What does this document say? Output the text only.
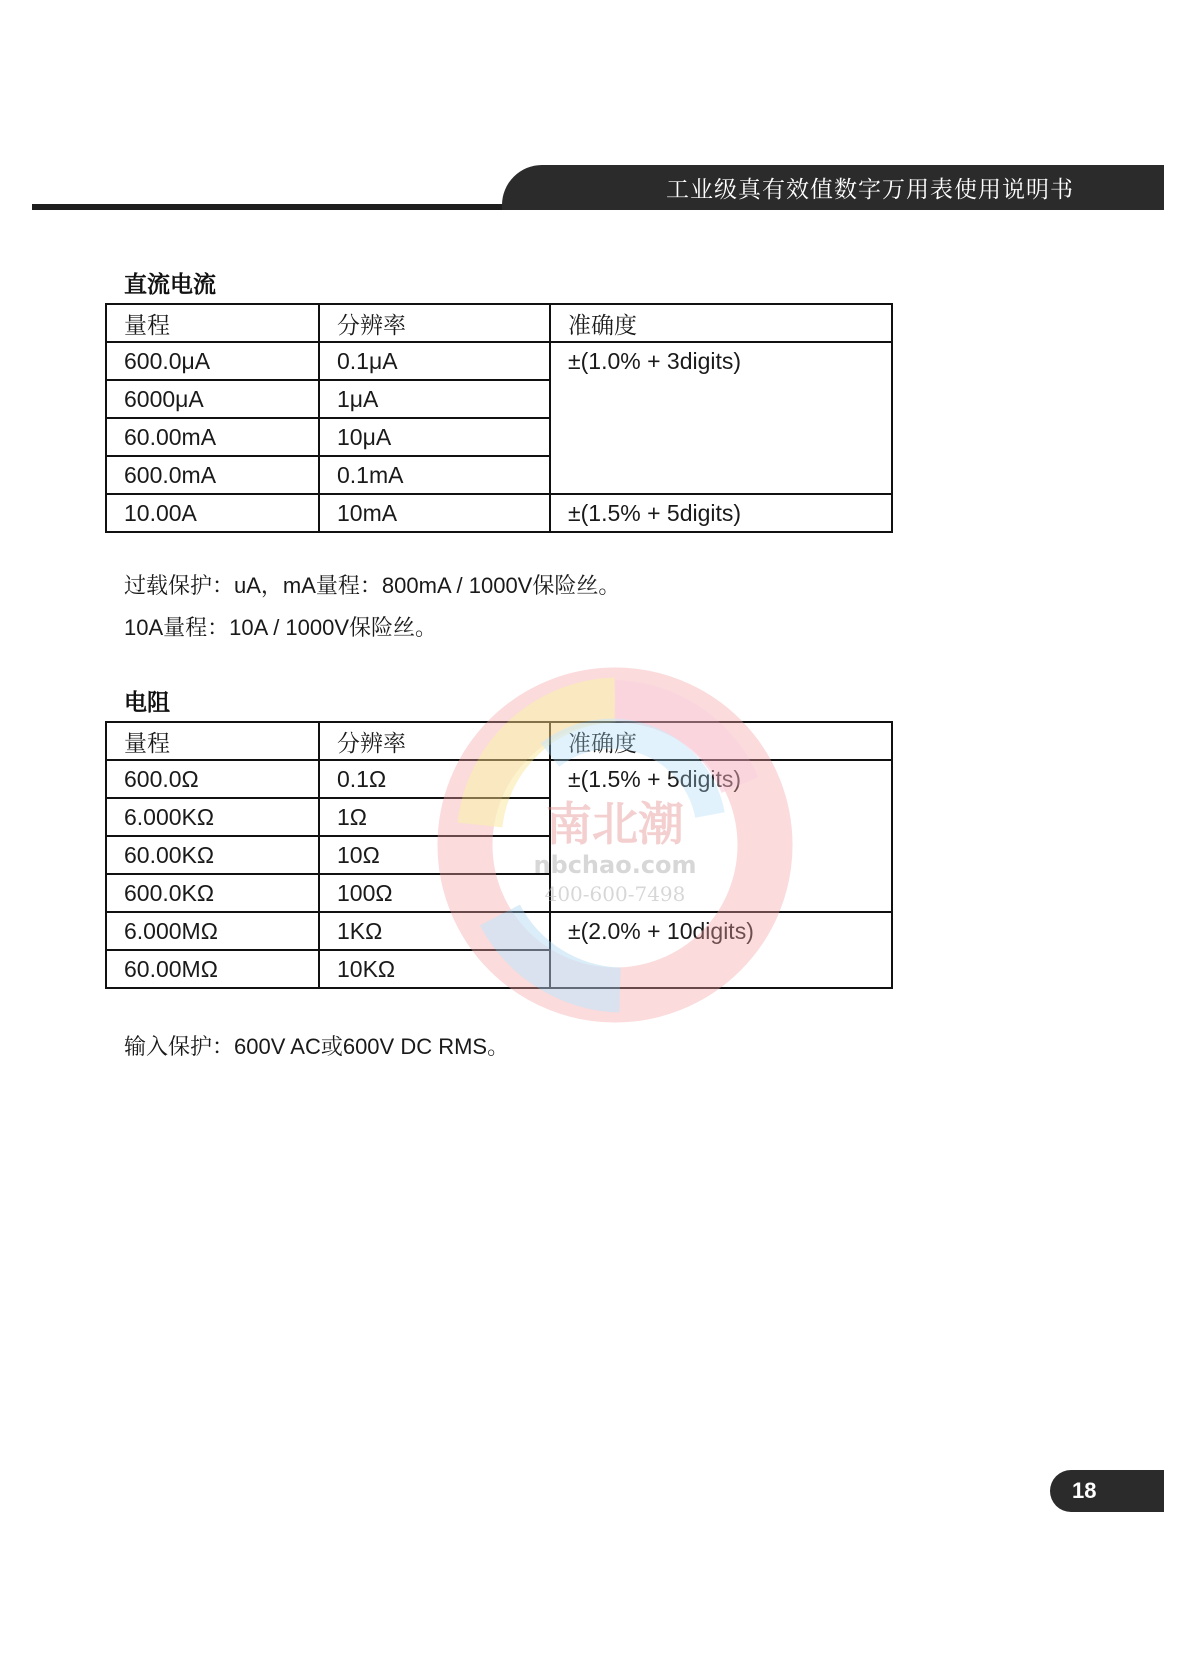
工业级真有效值数字万用表使用说明书
直流电流
量程	分辨率	准确度
600.0μA	0.1μA	±(1.0% + 3digits)
6000μA	1μA	
60.00mA	10μA	
600.0mA	0.1mA	
10.00A	10mA	±(1.5% + 5digits)
过载保护：uA，mA量程：800mA / 1000V保险丝。
10A量程：10A / 1000V保险丝。
电阻
量程	分辨率	准确度
600.0Ω	0.1Ω	±(1.5% + 5digits)
6.000KΩ	1Ω	
60.00KΩ	10Ω	
600.0KΩ	100Ω	
6.000MΩ	1KΩ	±(2.0% + 10digits)
60.00MΩ	10KΩ	
输入保护：600V AC或600V DC RMS。
南北潮
nbchao.com
400-600-7498
18
